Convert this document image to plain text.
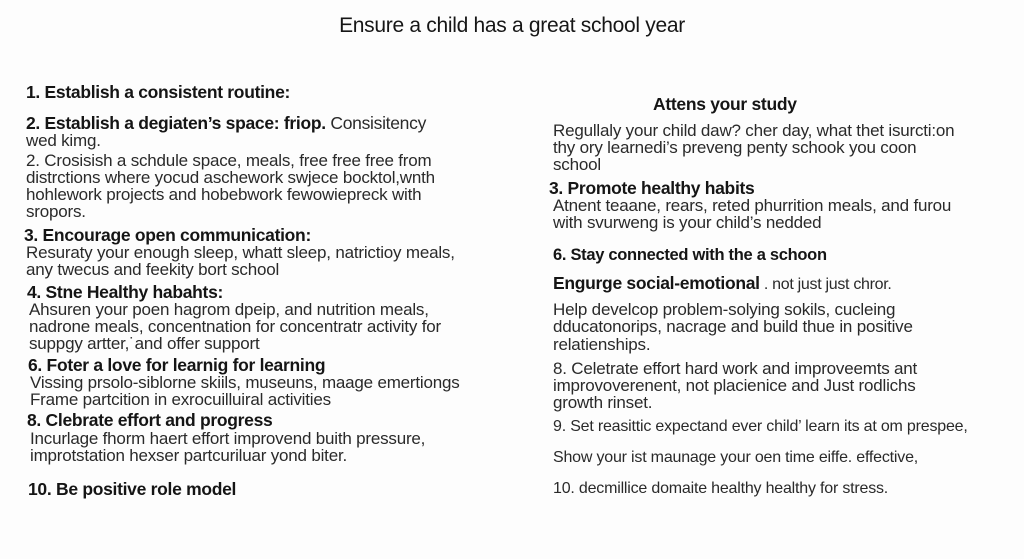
Ensure a child has a great school year
1. Establish a consistent routine:
2. Establish a degiaten’s space: friop. Consisitency
wed kimg.
2. Crosisish a schdule space, meals, free free free from
distrctions where yocud aschework swjece bocktol,wnth
hohlework projects and hobebwork fewowiepreck with
sropors.
3. Encourage open communication:
Resuraty your enough sleep, whatt sleep, natrictioy meals,
any twecus and feekity bort school
4. Stne Healthy habahts:
Ahsuren your poen hagrom dpeip, and nutrition meals,
nadrone meals, concentnation for concentratr activity for
suppgy artter,˙and offer support
6. Foter a love for learnig for learning
Vissing prsolo-siblorne skiils, museuns, maage emertiongs
Frame partcition in exrocuilluiral activities
8. Clebrate effort and progress
Incurlage fhorm haert effort improvend buith pressure,
improtstation hexser partcuriluar yond biter.
10. Be positive role model
Attens your study
Regullaly your child daw? cher day, what thet isurcti:on
thy ory learnedi’s preveng penty schook you coon
school
3. Promote healthy habits
Atnent teaane, rears, reted phurrition meals, and furou
with svurweng is your child’s nedded
6. Stay connected with the a schoon
Engurge social-emotional . not just just chror.
Help develcop problem-solying sokils, cucleing
dducatonorips, nacrage and build thue in positive
relatienships.
8. Celetrate effort hard work and improveemts ant
improvoverenent, not placienice and Just rodlichs
growth rinset.
9. Set reasittic expectand ever child’ learn its at om prespee,
Show your ist maunage your oen time eiffe. effective,
10. decmillice domaite healthy healthy for stress.
